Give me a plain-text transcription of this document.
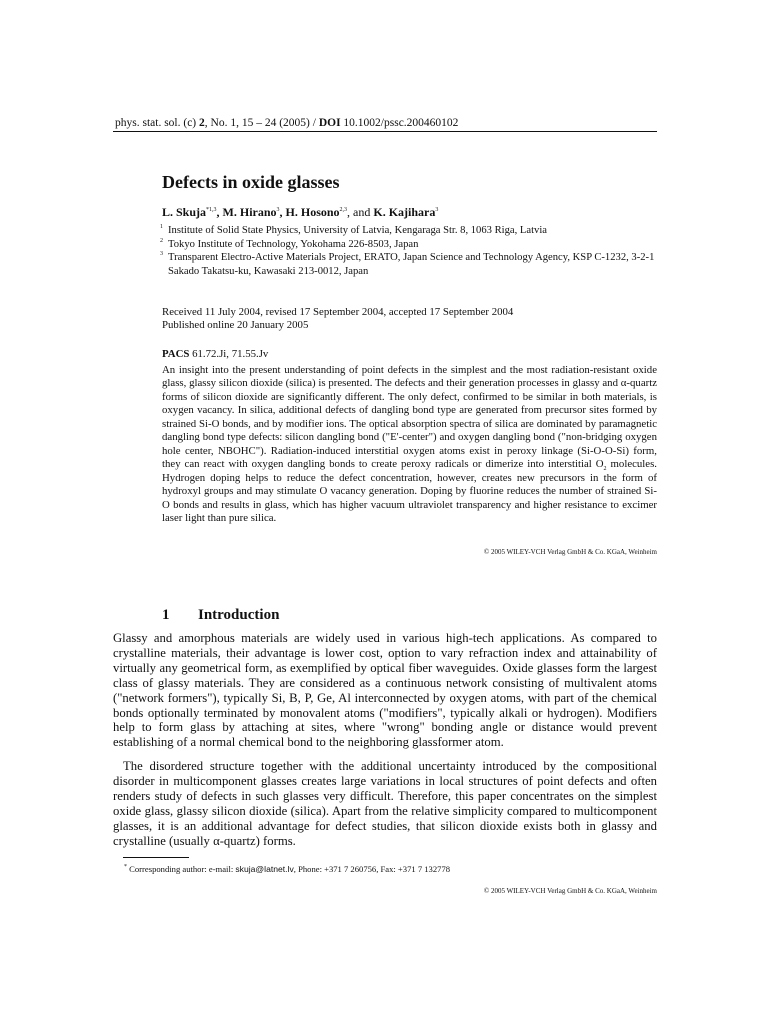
phys. stat. sol. (c) 2, No. 1, 15 – 24 (2005) / DOI 10.1002/pssc.200460102
Defects in oxide glasses
L. Skuja$^{*1,3}$, M. Hirano$^3$, H. Hosono$^{2,3}$, and K. Kajihara$^3$
1 Institute of Solid State Physics, University of Latvia, Kengaraga Str. 8, 1063 Riga, Latvia
2 Tokyo Institute of Technology, Yokohama 226-8503, Japan
3 Transparent Electro-Active Materials Project, ERATO, Japan Science and Technology Agency, KSP C-1232, 3-2-1 Sakado Takatsu-ku, Kawasaki 213-0012, Japan
Received 11 July 2004, revised 17 September 2004, accepted 17 September 2004
Published online 20 January 2005
PACS 61.72.Ji, 71.55.Jv

An insight into the present understanding of point defects in the simplest and the most radiation-resistant oxide glass, glassy silicon dioxide (silica) is presented. The defects and their generation processes in glassy and α-quartz forms of silicon dioxide are significantly different. The only defect, confirmed to be similar in both materials, is oxygen vacancy. In silica, additional defects of dangling bond type are generated from precursor sites formed by strained Si-O bonds, and by modifier ions. The optical absorption spectra of silica are dominated by paramagnetic dangling bond type defects: silicon dangling bond ("E'-center") and oxygen dangling bond ("non-bridging oxygen hole center, NBOHC"). Radiation-induced interstitial oxygen atoms exist in peroxy linkage (Si-O-O-Si) form, they can react with oxygen dangling bonds to create peroxy radicals or dimerize into interstitial $O_2$ molecules. Hydrogen doping helps to reduce the defect concentration, however, creates new precursors in the form of hydroxyl groups and may stimulate O vacancy generation. Doping by fluorine reduces the number of strained Si-O bonds and results in glass, which has higher vacuum ultraviolet transparency and higher resistance to excimer laser light than pure silica.

© 2005 WILEY-VCH Verlag GmbH & Co. KGaA, Weinheim
1 Introduction

Glassy and amorphous materials are widely used in various high-tech applications. As compared to crystalline materials, their advantage is lower cost, option to vary refraction index and attainability of virtually any geometrical form, as exemplified by optical fiber waveguides. Oxide glasses form the largest class of glassy materials. They are considered as a continuous network consisting of multivalent atoms ("network formers"), typically Si, B, P, Ge, Al interconnected by oxygen atoms, with part of the chemical bonds optionally terminated by monovalent atoms ("modifiers", typically alkali or hydrogen). Modifiers help to form glass by attaching at sites, where "wrong" bonding angle or distance would prevent establishing of a normal chemical bond to the neighboring glassformer atom.

The disordered structure together with the additional uncertainty introduced by the compositional disorder in multicomponent glasses creates large variations in local structures of point defects and often renders study of defects in such glasses very difficult. Therefore, this paper concentrates on the simplest oxide glass, glassy silicon dioxide (silica). Apart from the relative simplicity compared to multicomponent glasses, it is an additional advantage for defect studies, that silicon dioxide exists both in glassy and crystalline (usually α-quartz) forms.

* Corresponding author: e-mail: skuja@latnet.lv, Phone: +371 7 260756, Fax: +371 7 132778
© 2005 WILEY-VCH Verlag GmbH & Co. KGaA, Weinheim
